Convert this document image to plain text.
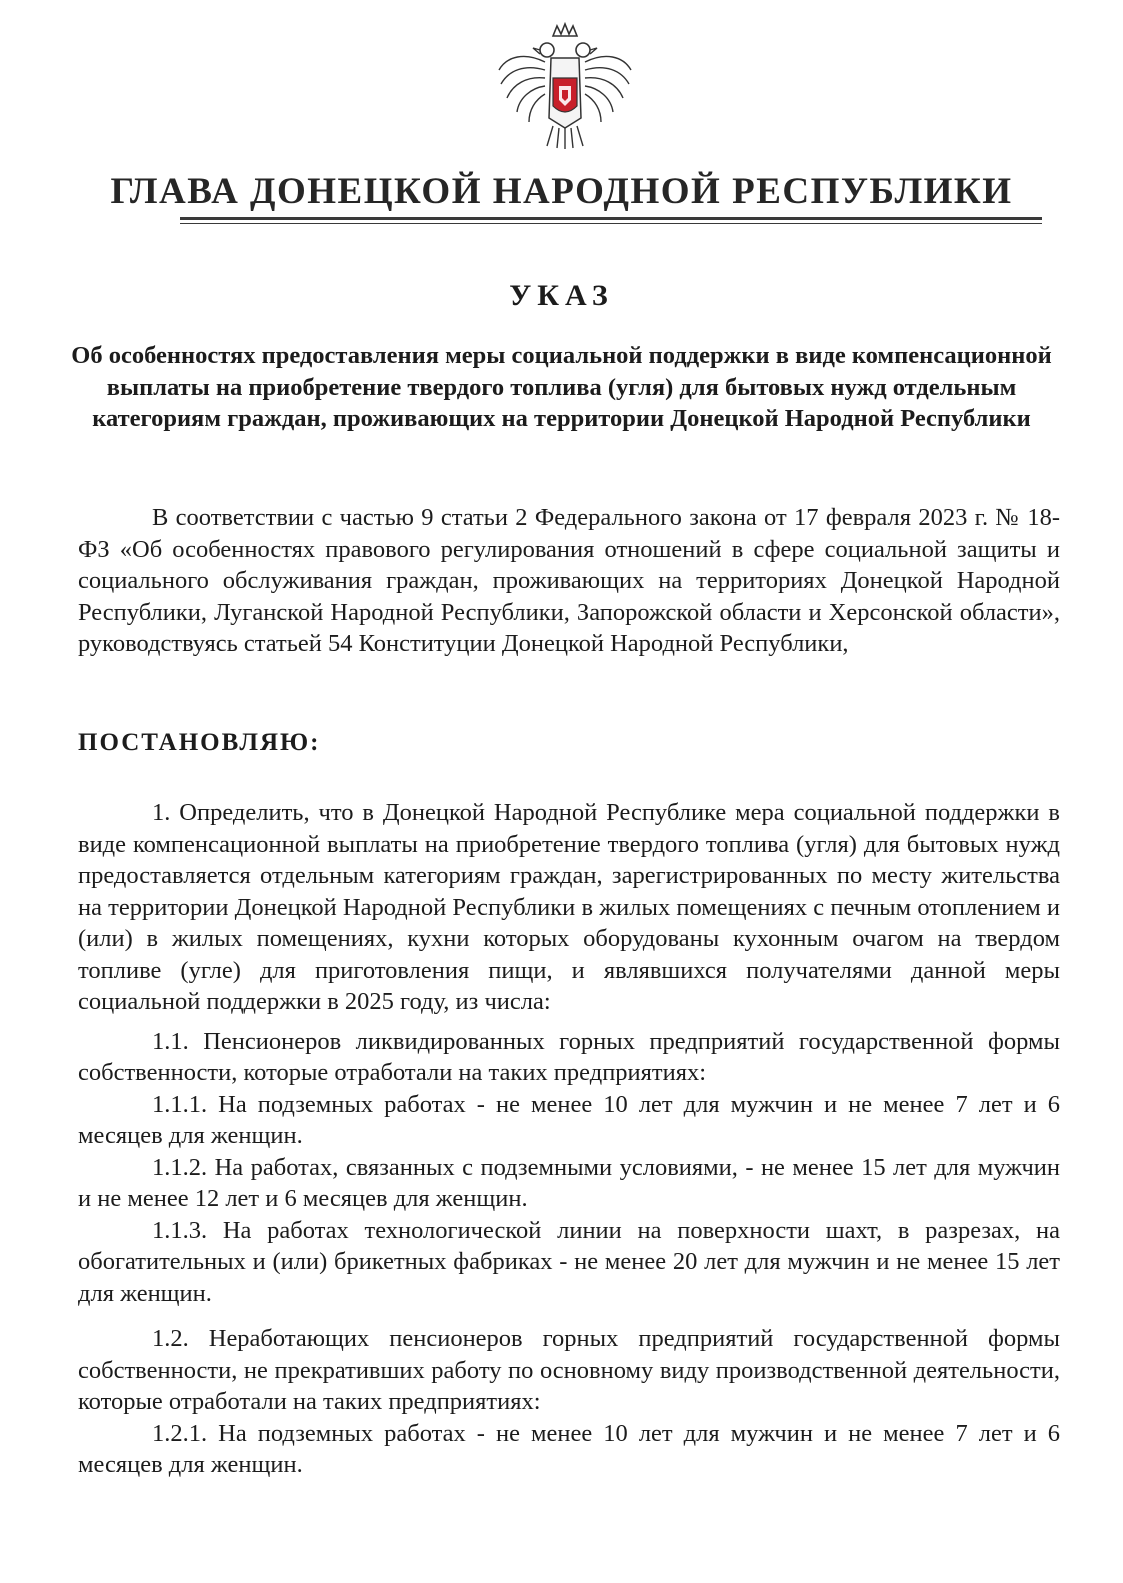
ГЛАВА ДОНЕЦКОЙ НАРОДНОЙ РЕСПУБЛИКИ
УКАЗ
Об особенностях предоставления меры социальной поддержки в виде компенсационной выплаты на приобретение твердого топлива (угля) для бытовых нужд отдельным категориям граждан, проживающих на территории Донецкой Народной Республики

В соответствии с частью 9 статьи 2 Федерального закона от 17 февраля 2023 г. № 18-ФЗ «Об особенностях правового регулирования отношений в сфере социальной защиты и социального обслуживания граждан, проживающих на территориях Донецкой Народной Республики, Луганской Народной Республики, Запорожской области и Херсонской области», руководствуясь статьей 54 Конституции Донецкой Народной Республики,

ПОСТАНОВЛЯЮ:

1. Определить, что в Донецкой Народной Республике мера социальной поддержки в виде компенсационной выплаты на приобретение твердого топлива (угля) для бытовых нужд предоставляется отдельным категориям граждан, зарегистрированных по месту жительства на территории Донецкой Народной Республики в жилых помещениях с печным отоплением и (или) в жилых помещениях, кухни которых оборудованы кухонным очагом на твердом топливе (угле) для приготовления пищи, и являвшихся получателями данной меры социальной поддержки в 2025 году, из числа:

1.1. Пенсионеров ликвидированных горных предприятий государственной формы собственности, которые отработали на таких предприятиях:

1.1.1. На подземных работах - не менее 10 лет для мужчин и не менее 7 лет и 6 месяцев для женщин.

1.1.2. На работах, связанных с подземными условиями, - не менее 15 лет для мужчин и не менее 12 лет и 6 месяцев для женщин.

1.1.3. На работах технологической линии на поверхности шахт, в разрезах, на обогатительных и (или) брикетных фабриках - не менее 20 лет для мужчин и не менее 15 лет для женщин.

1.2. Неработающих пенсионеров горных предприятий государственной формы собственности, не прекративших работу по основному виду производственной деятельности, которые отработали на таких предприятиях:

1.2.1. На подземных работах - не менее 10 лет для мужчин и не менее 7 лет и 6 месяцев для женщин.
